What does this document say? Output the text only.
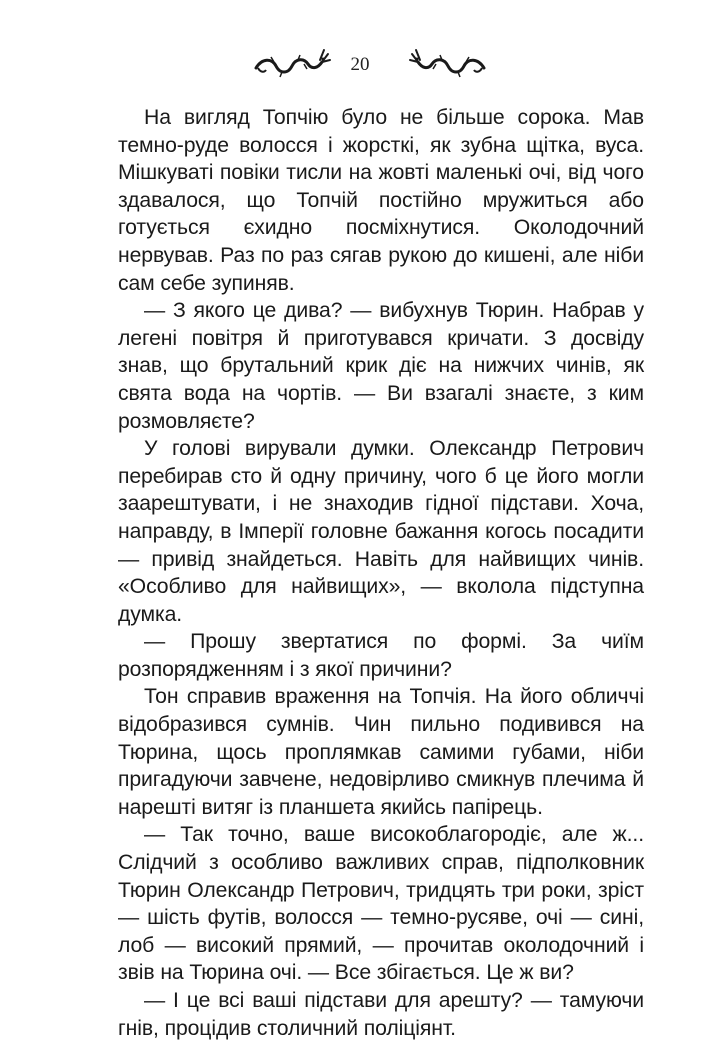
20

На вигляд Топчію було не більше сорока. Мав темно-руде волосся і жорсткі, як зубна щітка, вуса. Мішкуваті повіки тисли на жовті маленькі очі, від чого здавалося, що Топчій постійно мружиться або готується єхидно посміхнутися. Околодочний нервував. Раз по раз сягав рукою до кишені, але ніби сам себе зупиняв.

— З якого це дива? — вибухнув Тюрин. Набрав у легені повітря й приготувався кричати. З досвіду знав, що брутальний крик діє на нижчих чинів, як свята вода на чортів. — Ви взагалі знаєте, з ким розмовляєте?

У голові вирували думки. Олександр Петрович перебирав сто й одну причину, чого б це його могли заарештувати, і не знаходив гідної підстави. Хоча, направду, в Імперії головне бажання когось посадити — привід знайдеться. Навіть для найвищих чинів. «Особливо для найвищих», — вколола підступна думка.

— Прошу звертатися по формі. За чиїм розпорядженням і з якої причини?

Тон справив враження на Топчія. На його обличчі відобразився сумнів. Чин пильно подивився на Тюрина, щось проплямкав самими губами, ніби пригадуючи завчене, недовірливо смикнув плечима й нарешті витяг із планшета якийсь папірець.

— Так точно, ваше високоблагородіє, але ж... Слідчий з особливо важливих справ, підполковник Тюрин Олександр Петрович, тридцять три роки, зріст — шість футів, волосся — темно-русяве, очі — сині, лоб — високий прямий, — прочитав околодочний і звів на Тюрина очі. — Все збігається. Це ж ви?

— І це всі ваші підстави для арешту? — тамуючи гнів, процідив столичний поліціянт.
